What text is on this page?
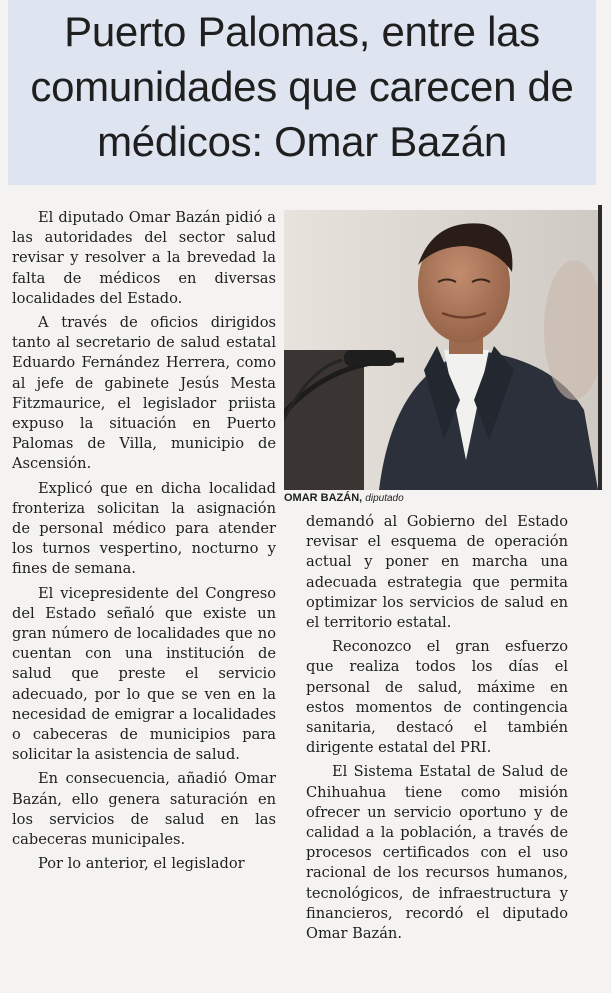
Puerto Palomas, entre las comunidades que carecen de médicos: Omar Bazán

El diputado Omar Bazán pidió a las autoridades del sector salud revisar y resolver a la brevedad la falta de médicos en diversas localidades del Estado.

A través de oficios dirigidos tanto al secretario de salud estatal Eduardo Fernández Herrera, como al jefe de gabinete Jesús Mesta Fitzmaurice, el legislador priista expuso la situación en Puerto Palomas de Villa, municipio de Ascensión.

Explicó que en dicha localidad fronteriza solicitan la asignación de personal médico para atender los turnos vespertino, nocturno y fines de semana.

El vicepresidente del Congreso del Estado señaló que existe un gran número de localidades que no cuentan con una institución de salud que preste el servicio adecuado, por lo que se ven en la necesidad de emigrar a localidades o cabeceras de municipios para solicitar la asistencia de salud.

En consecuencia, añadió Omar Bazán, ello genera saturación en los servicios de salud en las cabeceras municipales.

Por lo anterior, el legislador

OMAR BAZÁN, diputado

demandó al Gobierno del Estado revisar el esquema de operación actual y poner en marcha una adecuada estrategia que permita optimizar los servicios de salud en el territorio estatal.

Reconozco el gran esfuerzo que realiza todos los días el personal de salud, máxime en estos momentos de contingencia sanitaria, destacó el también dirigente estatal del PRI.

El Sistema Estatal de Salud de Chihuahua tiene como misión ofrecer un servicio oportuno y de calidad a la población, a través de procesos certificados con el uso racional de los recursos humanos, tecnológicos, de infraestructura y financieros, recordó el diputado Omar Bazán.
